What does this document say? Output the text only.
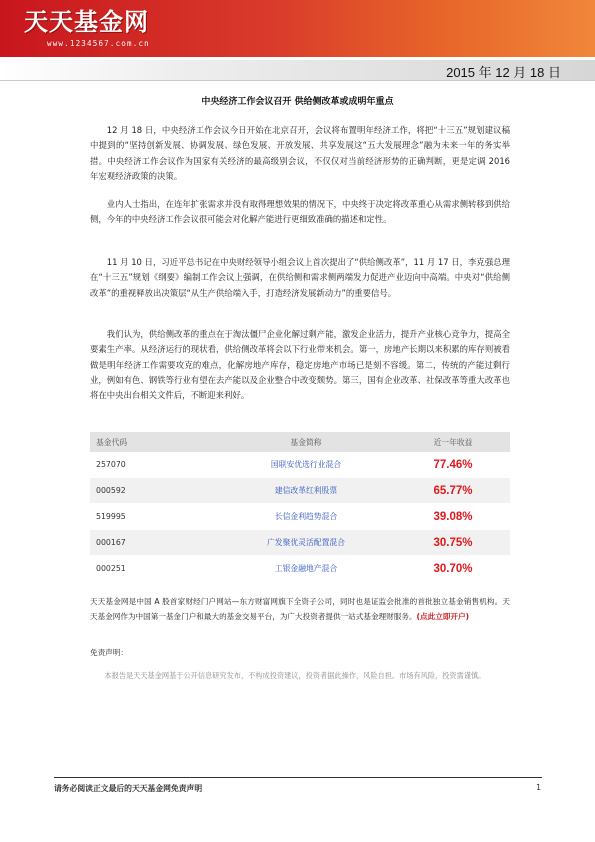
天天基金网
www.1234567.com.cn
2015 年 12 月 18 日
中央经济工作会议召开 供给侧改革或成明年重点

12 月 18 日，中央经济工作会议今日开始在北京召开，会议将布置明年经济工作，将把“十三五”规划建议稿中提到的“坚持创新发展、协调发展、绿色发展、开放发展、共享发展这“五大发展理念”融为未来一年的务实举措。中央经济工作会议作为国家有关经济的最高级别会议，不仅仅对当前经济形势的正确判断，更是定调 2016 年宏观经济政策的决策。

业内人士指出，在连年扩张需求并没有取得理想效果的情况下，中央终于决定将改革重心从需求侧转移到供给侧，今年的中央经济工作会议很可能会对化解产能进行更细致准确的描述和定性。

11 月 10 日，习近平总书记在中央财经领导小组会议上首次提出了“供给侧改革”，11 月 17 日，李克强总理在“十三五”规划《纲要》编制工作会议上强调，在供给侧和需求侧两端发力促进产业迈向中高端。中央对“供给侧改革”的重视释放出决策层“从生产供给端入手，打造经济发展新动力”的重要信号。

我们认为，供给侧改革的重点在于淘汰僵尸企业化解过剩产能，激发企业活力，提升产业核心竞争力，提高全要素生产率。从经济运行的现状看，供给侧改革将会以下行业带来机会。第一，房地产长期以来积累的库存则被看做是明年经济工作需要攻克的难点，化解房地产库存，稳定房地产市场已是刻不容缓。第二，传统的产能过剩行业，例如有色、钢铁等行业有望在去产能以及企业整合中改变颓势。第三，国有企业改革、社保改革等重大改革也将在中央出台相关文件后，不断迎来利好。

基金代码	基金简称	近一年收益
257070	国联安优选行业混合	77.46%
000592	建信改革红利股票	65.77%
519995	长信金利趋势混合	39.08%
000167	广发聚优灵活配置混合	30.75%
000251	工银金融地产混合	30.70%

天天基金网是中国 A 股首家财经门户网站—东方财富网旗下全资子公司，同时也是证监会批准的首批独立基金销售机构。天天基金网作为中国第一基金门户和最大的基金交易平台，为广大投资者提供一站式基金理财服务。(点此立即开户)

免责声明：

本报告是天天基金网基于公开信息研究发布，不构成投资建议，投资者据此操作，风险自担。市场有风险，投资需谨慎。

请务必阅读正文最后的天天基金网免责声明	1
